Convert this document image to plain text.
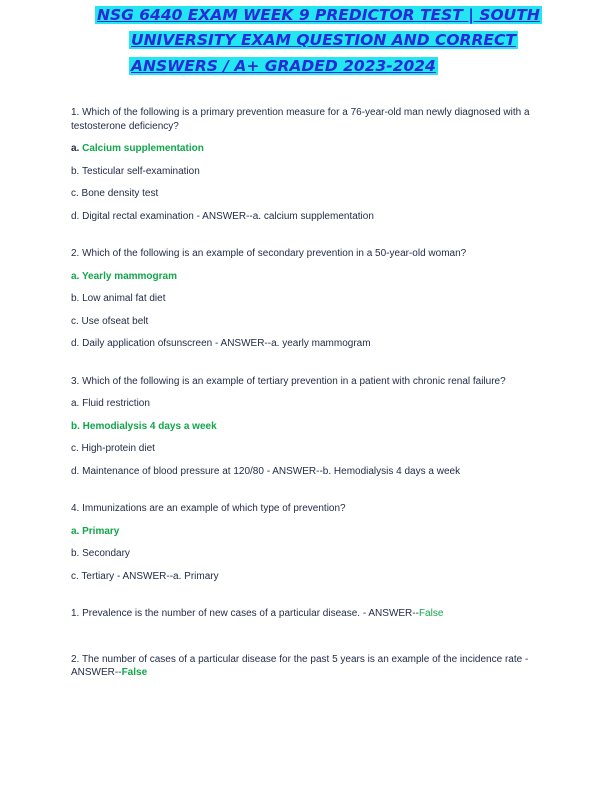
NSG 6440 EXAM WEEK 9 PREDICTOR TEST | SOUTH
UNIVERSITY EXAM QUESTION AND CORRECT
ANSWERS / A+ GRADED 2023-2024

1. Which of the following is a primary prevention measure for a 76-year-old man newly diagnosed with a testosterone deficiency?

a. Calcium supplementation

b. Testicular self-examination

c. Bone density test

d. Digital rectal examination - ANSWER--a. calcium supplementation

2. Which of the following is an example of secondary prevention in a 50-year-old woman?

a. Yearly mammogram

b. Low animal fat diet

c. Use ofseat belt

d. Daily application ofsunscreen - ANSWER--a. yearly mammogram

3. Which of the following is an example of tertiary prevention in a patient with chronic renal failure?

a. Fluid restriction

b. Hemodialysis 4 days a week

c. High-protein diet

d. Maintenance of blood pressure at 120/80 - ANSWER--b. Hemodialysis 4 days a week

4. Immunizations are an example of which type of prevention?

a. Primary

b. Secondary

c. Tertiary - ANSWER--a. Primary

1. Prevalence is the number of new cases of a particular disease. - ANSWER--False

2. The number of cases of a particular disease for the past 5 years is an example of the incidence rate - ANSWER--False
